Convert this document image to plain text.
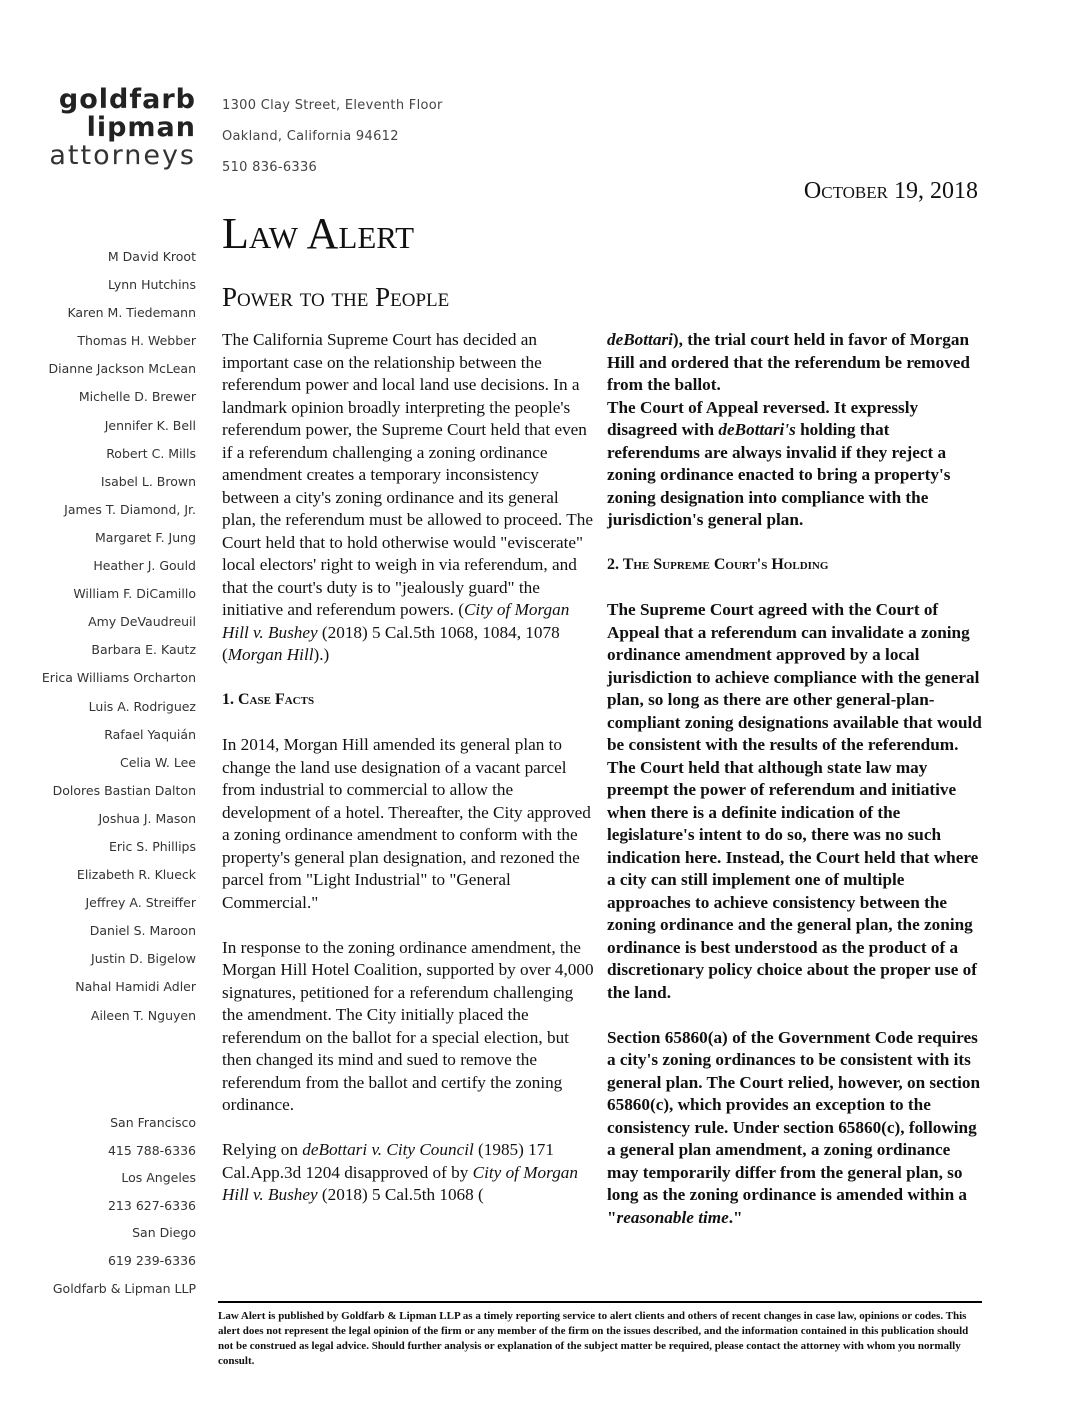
goldfarb
lipman
attorneys
1300 Clay Street, Eleventh Floor
Oakland, California 94612
510 836-6336
October 19, 2018
Law Alert
Power to the People
M David Kroot
Lynn Hutchins
Karen M. Tiedemann
Thomas H. Webber
Dianne Jackson McLean
Michelle D. Brewer
Jennifer K. Bell
Robert C. Mills
Isabel L. Brown
James T. Diamond, Jr.
Margaret F. Jung
Heather J. Gould
William F. DiCamillo
Amy DeVaudreuil
Barbara E. Kautz
Erica Williams Orcharton
Luis A. Rodriguez
Rafael Yaquián
Celia W. Lee
Dolores Bastian Dalton
Joshua J. Mason
Eric S. Phillips
Elizabeth R. Klueck
Jeffrey A. Streiffer
Daniel S. Maroon
Justin D. Bigelow
Nahal Hamidi Adler
Aileen T. Nguyen
San Francisco
415 788-6336
Los Angeles
213 627-6336
San Diego
619 239-6336
Goldfarb & Lipman LLP

The California Supreme Court has decided an important case on the relationship between the referendum power and local land use decisions. In a landmark opinion broadly interpreting the people's referendum power, the Supreme Court held that even if a referendum challenging a zoning ordinance amendment creates a temporary inconsistency between a city's zoning ordinance and its general plan, the referendum must be allowed to proceed. The Court held that to hold otherwise would "eviscerate" local electors' right to weigh in via referendum, and that the court's duty is to "jealously guard" the initiative and referendum powers. (City of Morgan Hill v. Bushey (2018) 5 Cal.5th 1068, 1084, 1078 (Morgan Hill).)

1. Case Facts

In 2014, Morgan Hill amended its general plan to change the land use designation of a vacant parcel from industrial to commercial to allow the development of a hotel. Thereafter, the City approved a zoning ordinance amendment to conform with the property's general plan designation, and rezoned the parcel from "Light Industrial" to "General Commercial."

In response to the zoning ordinance amendment, the Morgan Hill Hotel Coalition, supported by over 4,000 signatures, petitioned for a referendum challenging the amendment. The City initially placed the referendum on the ballot for a special election, but then changed its mind and sued to remove the referendum from the ballot and certify the zoning ordinance.

Relying on deBottari v. City Council (1985) 171 Cal.App.3d 1204 disapproved of by City of Morgan Hill v. Bushey (2018) 5 Cal.5th 1068 (

deBottari), the trial court held in favor of Morgan Hill and ordered that the referendum be removed from the ballot.

The Court of Appeal reversed. It expressly disagreed with deBottari's holding that referendums are always invalid if they reject a zoning ordinance enacted to bring a property's zoning designation into compliance with the jurisdiction's general plan.

2. The Supreme Court's Holding

The Supreme Court agreed with the Court of Appeal that a referendum can invalidate a zoning ordinance amendment approved by a local jurisdiction to achieve compliance with the general plan, so long as there are other general-plan-compliant zoning designations available that would be consistent with the results of the referendum. The Court held that although state law may preempt the power of referendum and initiative when there is a definite indication of the legislature's intent to do so, there was no such indication here. Instead, the Court held that where a city can still implement one of multiple approaches to achieve consistency between the zoning ordinance and the general plan, the zoning ordinance is best understood as the product of a discretionary policy choice about the proper use of the land.

Section 65860(a) of the Government Code requires a city's zoning ordinances to be consistent with its general plan. The Court relied, however, on section 65860(c), which provides an exception to the consistency rule. Under section 65860(c), following a general plan amendment, a zoning ordinance may temporarily differ from the general plan, so long as the zoning ordinance is amended within a "reasonable time."

Law Alert is published by Goldfarb & Lipman LLP as a timely reporting service to alert clients and others of recent changes in case law, opinions or codes. This alert does not represent the legal opinion of the firm or any member of the firm on the issues described, and the information contained in this publication should not be construed as legal advice. Should further analysis or explanation of the subject matter be required, please contact the attorney with whom you normally consult.
